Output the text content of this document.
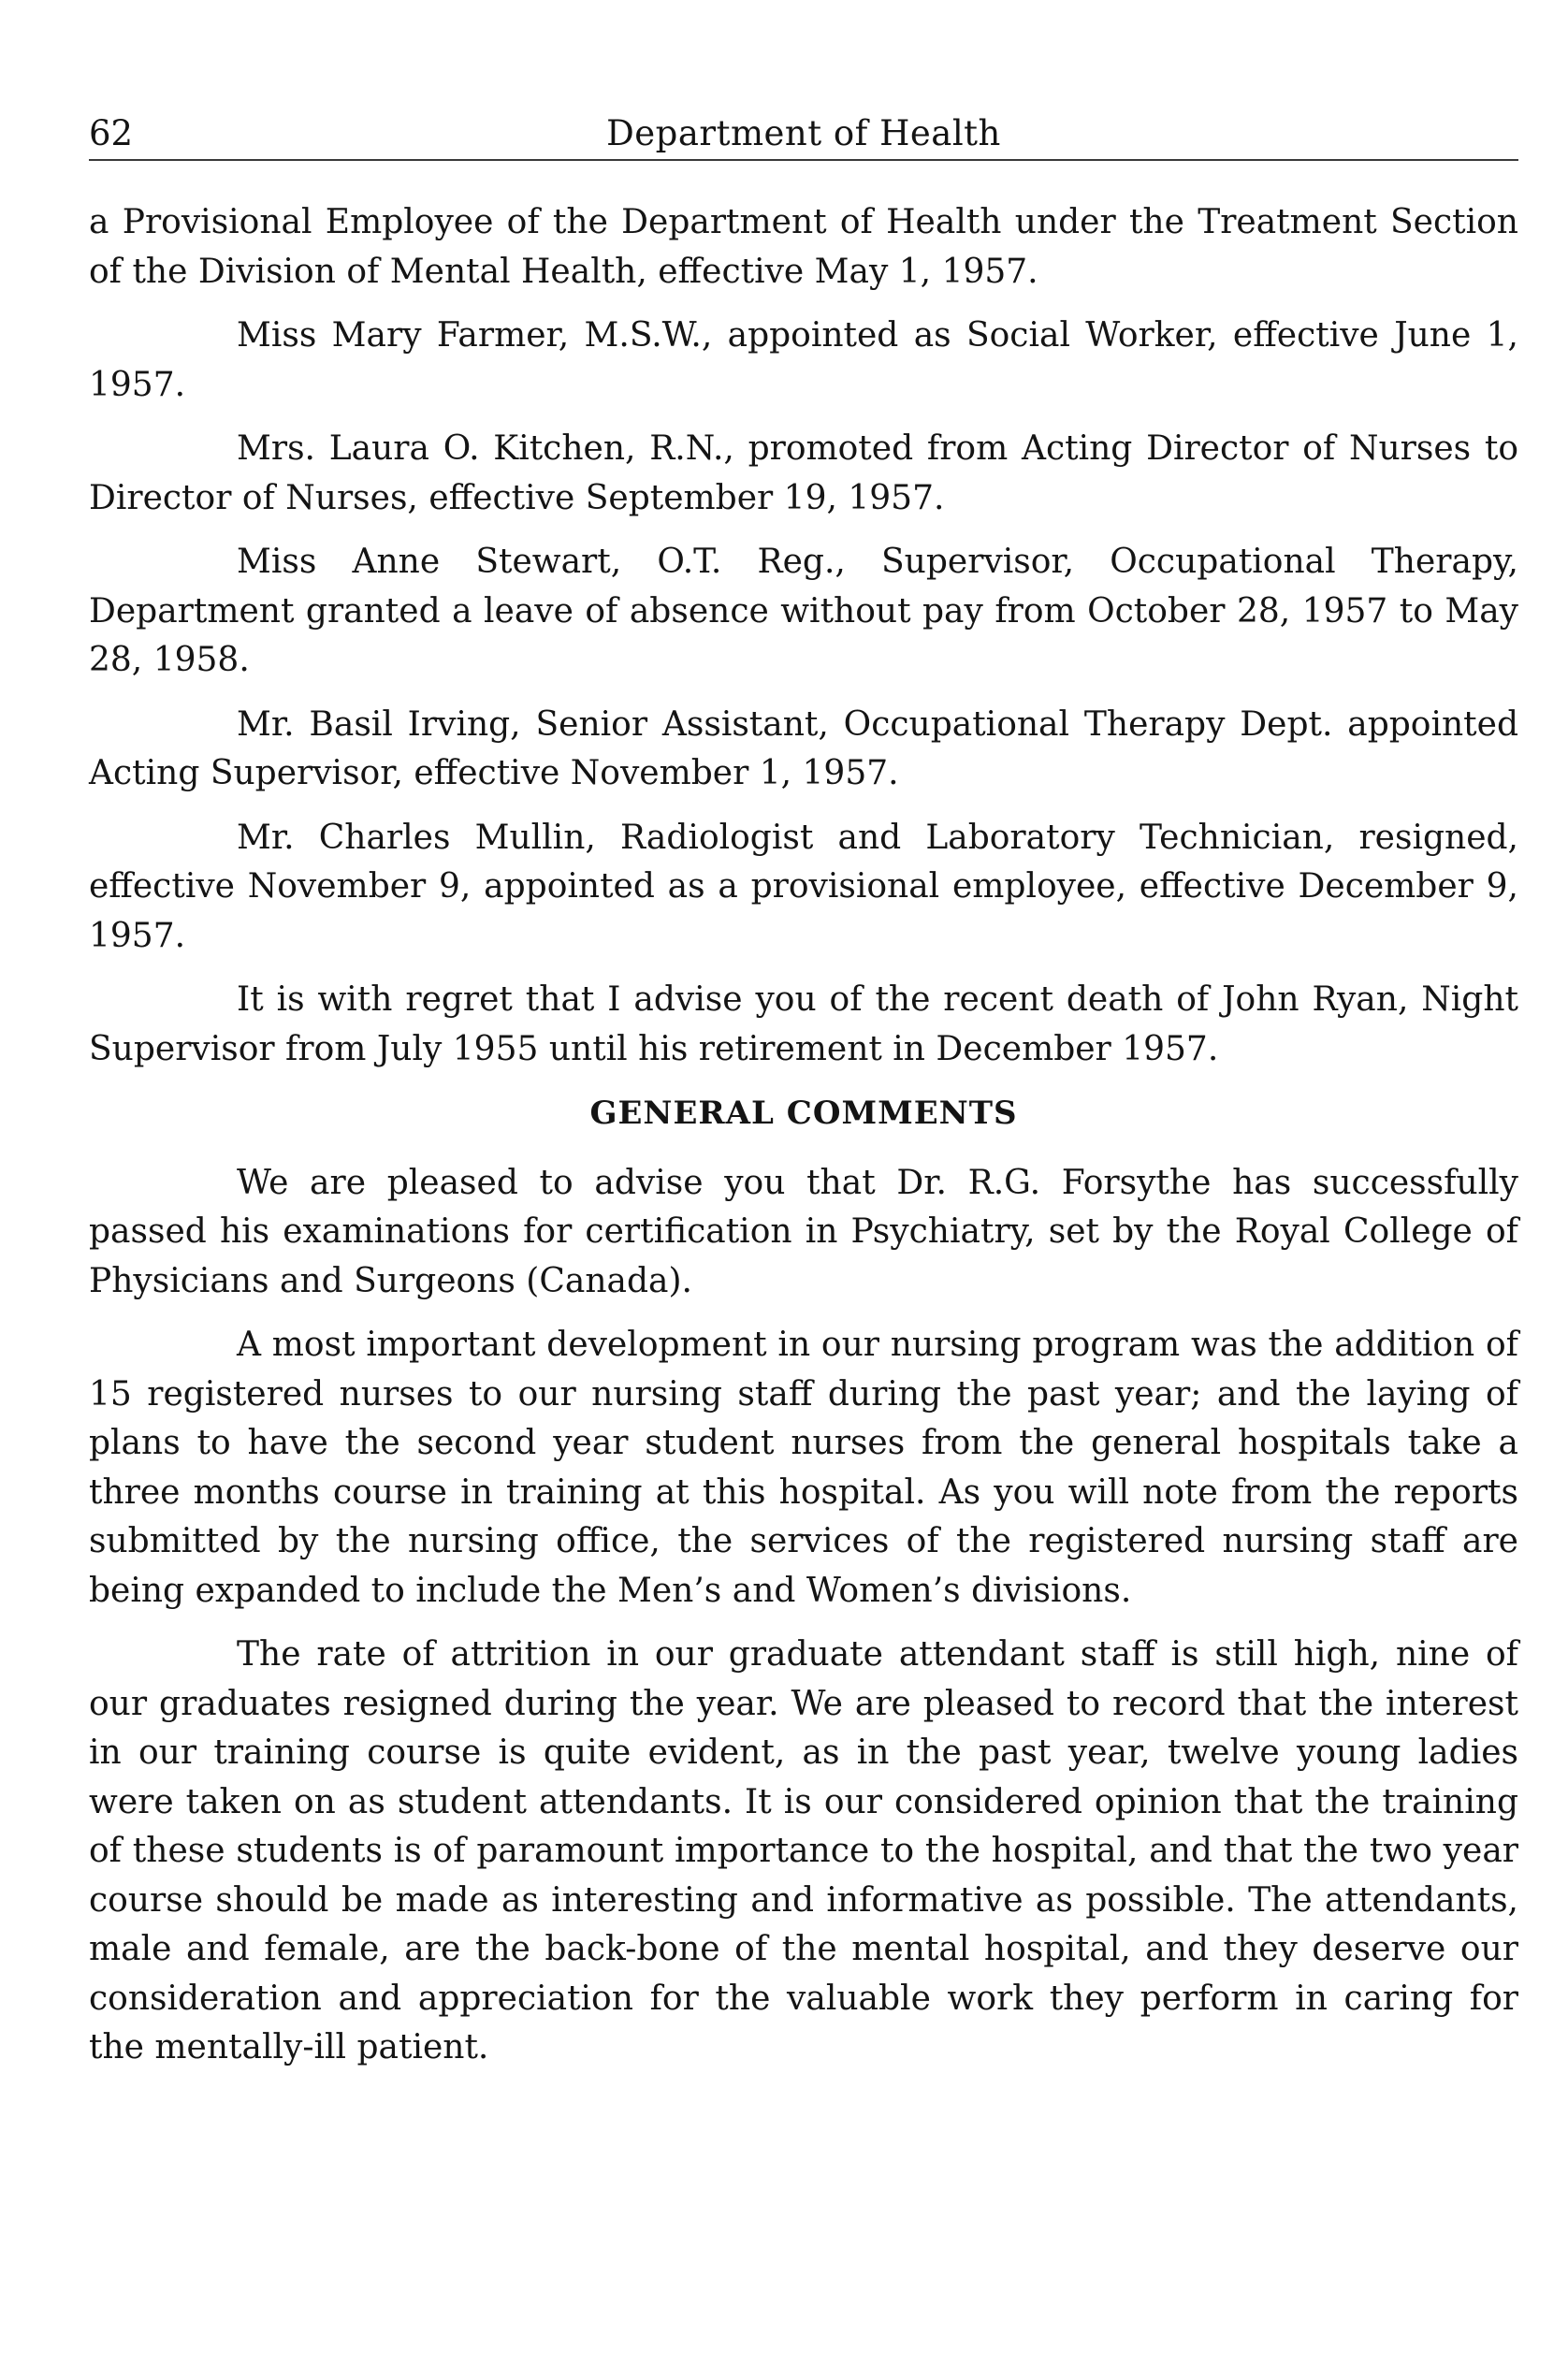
62	Department of Health

a Provisional Employee of the Department of Health under the Treatment Section of the Division of Mental Health, effective May 1, 1957.

Miss Mary Farmer, M.S.W., appointed as Social Worker, effective June 1, 1957.

Mrs. Laura O. Kitchen, R.N., promoted from Acting Director of Nurses to Director of Nurses, effective September 19, 1957.

Miss Anne Stewart, O.T. Reg., Supervisor, Occupational Therapy, Department granted a leave of absence without pay from October 28, 1957 to May 28, 1958.

Mr. Basil Irving, Senior Assistant, Occupational Therapy Dept. appointed Acting Supervisor, effective November 1, 1957.

Mr. Charles Mullin, Radiologist and Laboratory Technician, resigned, effective November 9, appointed as a provisional employee, effective December 9, 1957.

It is with regret that I advise you of the recent death of John Ryan, Night Supervisor from July 1955 until his retirement in December 1957.

GENERAL COMMENTS

We are pleased to advise you that Dr. R.G. Forsythe has successfully passed his examinations for certification in Psychiatry, set by the Royal College of Physicians and Surgeons (Canada).

A most important development in our nursing program was the addition of 15 registered nurses to our nursing staff during the past year; and the laying of plans to have the second year student nurses from the general hospitals take a three months course in training at this hospital. As you will note from the reports submitted by the nursing office, the services of the registered nursing staff are being expanded to include the Men’s and Women’s divisions.

The rate of attrition in our graduate attendant staff is still high, nine of our graduates resigned during the year. We are pleased to record that the interest in our training course is quite evident, as in the past year, twelve young ladies were taken on as student attendants. It is our considered opinion that the training of these students is of paramount importance to the hospital, and that the two year course should be made as interesting and informative as possible. The attendants, male and female, are the back-bone of the mental hospital, and they deserve our consideration and appreciation for the valuable work they perform in caring for the mentally-ill patient.
